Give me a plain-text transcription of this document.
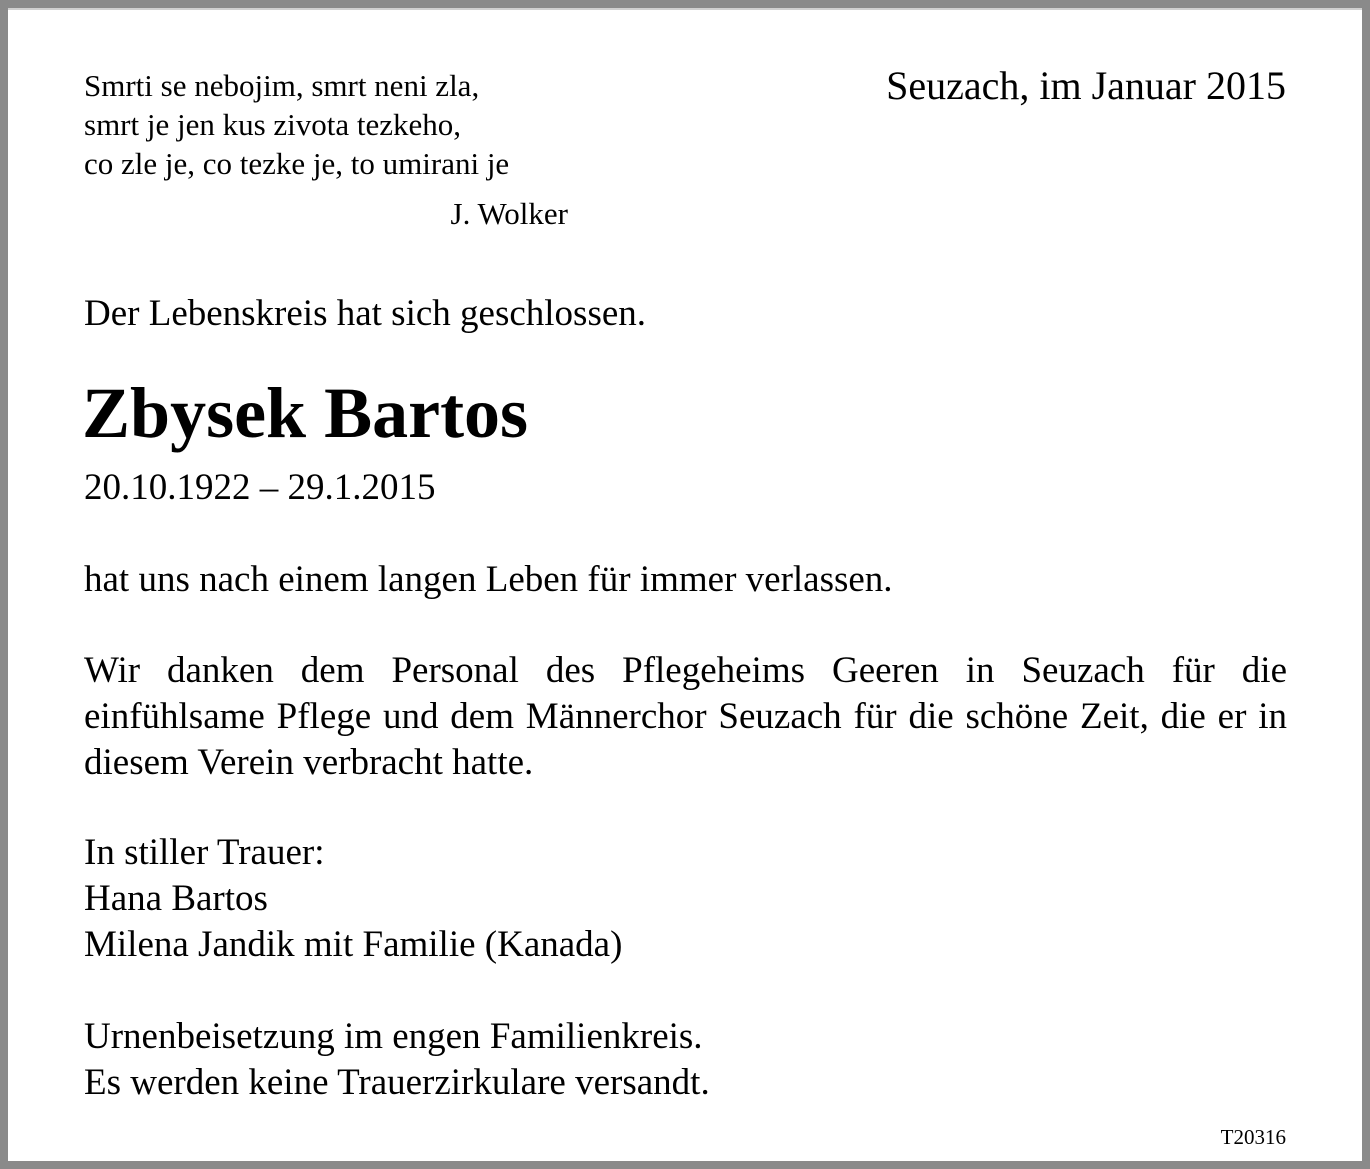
Smrti se nebojim, smrt neni zla,
smrt je jen kus zivota tezkeho,
co zle je, co tezke je, to umirani je
J. Wolker
Seuzach, im Januar 2015
Der Lebenskreis hat sich geschlossen.
Zbysek Bartos
20.10.1922 – 29.1.2015
hat uns nach einem langen Leben für immer verlassen.
Wir danken dem Personal des Pflegeheims Geeren in Seuzach für die einfühlsame Pflege und dem Männerchor Seuzach für die schöne Zeit, die er in diesem Verein verbracht hatte.
In stiller Trauer:
Hana Bartos
Milena Jandik mit Familie (Kanada)
Urnenbeisetzung im engen Familienkreis.
Es werden keine Trauerzirkulare versandt.
T20316
